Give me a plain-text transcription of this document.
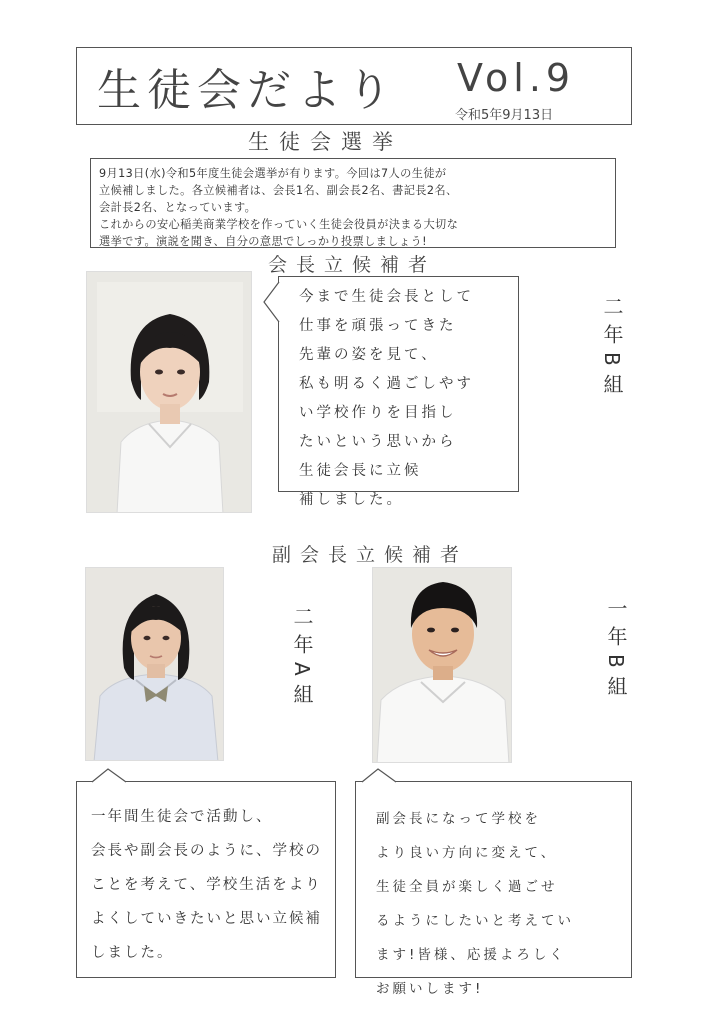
生徒会だより Vol.9
令和5年9月13日
生徒会選挙

9月13日(水)令和5年度生徒会選挙が有ります。今回は7人の生徒が

立候補しました。各立候補者は、会長1名、副会長2名、書記長2名、

会計長2名、となっています。

これからの安心稲美商業学校を作っていく生徒会役員が決まる大切な

選挙です。演説を聞き、自分の意思でしっかり投票しましょう!

会長立候補者

今まで生徒会長として

仕事を頑張ってきた

先輩の姿を見て、

私も明るく過ごしやす

い学校作りを目指し

たいという思いから

生徒会長に立候

補しました。

二年B組
副会長立候補者
二年A組	一年B組

一年間生徒会で活動し、

会長や副会長のように、学校の

ことを考えて、学校生活をより

よくしていきたいと思い立候補

しました。

副会長になって学校を

より良い方向に変えて、

生徒全員が楽しく過ごせ

るようにしたいと考えてい

ます!皆様、応援よろしく

お願いします!
